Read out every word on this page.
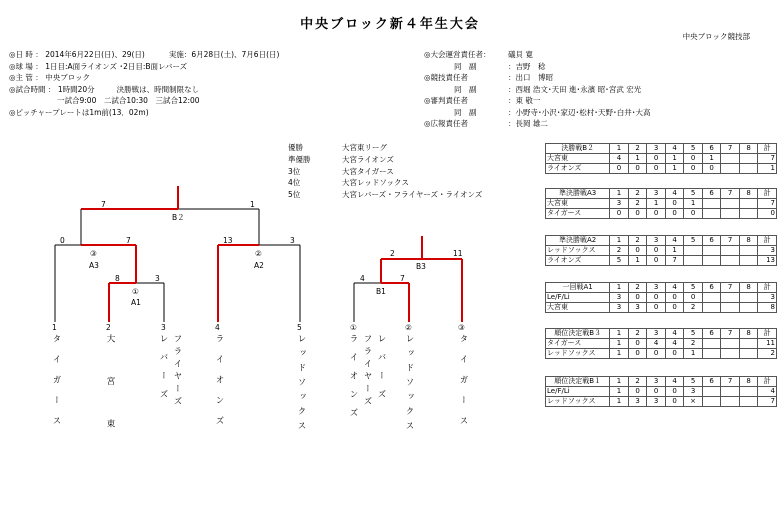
中央ブロック新４年生大会
中央ブロック競技部
◎日 時 ： 2014年6月22日(日)、29(日)	実施：6月28日(土)、7月6日(日)
◎球 場 ： 1日目:A面ライオンズ ･2日目:B面レバーズ
◎主 管 ： 中央ブロック
◎試合時間 ： 1時間20分	決勝戦は、時間制限なし
一試合9:00　二試合10:30　三試合12:00
◎ピッチャープレートは1m前(13．02m)
◎大会運営責任者： 礒貝 寛
同　副	：吉野　稔
◎競技責任者	：出口　博昭
同　副	：西堀 浩文･天田 進･永濱 昭･宮武 宏光
◎審判責任者	：東 敬一
同　副	：小野寺･小沢･家辺･松村･天野･白井･大高
◎広報責任者	：長岡 雄二
優勝	大宮東リーグ
準優勝	大宮ライオンズ
3位	大宮タイガース
4位	大宮レッドソックス
5位	大宮レバーズ・フライヤーズ・ライオンズ
7	1
B２
0	7	13	3
③	②
A3	A2
8	3
①
A1
2	11
B3
4	7
B1
1	2	3	4	5	①	②	③
タイガース	大宮東	フライヤーズ
レバーズ	ライオンズ	レッドソックス	ライオンズ フライヤーズ レバーズ レッドソックス	タイガース
決勝戦B２	1	2	3	4	5	6	7	8	計
大宮東	4	1	0	1	0	1			7
ライオンズ	0	0	0	1	0	0			1
準決勝戦A3	1	2	3	4	5	6	7	8	計
大宮東	3	2	1	0	1				7
タイガース	0	0	0	0	0				0
準決勝戦A2	1	2	3	4	5	6	7	8	計
レッドソックス	2	0	0	1					3
ライオンズ	5	1	0	7					13
一回戦A1	1	2	3	4	5	6	7	8	計
Le/F/Li	3	0	0	0	0				3
大宮東	3	3	0	0	2				8
順位決定戦B３	1	2	3	4	5	6	7	8	計
タイガース	1	0	4	4	2				11
レッドソックス	1	0	0	0	1				2
順位決定戦B１	1	2	3	4	5	6	7	8	計
Le/F/Li	1	0	0	0	3				4
レッドソックス	1	3	3	0	×				7
